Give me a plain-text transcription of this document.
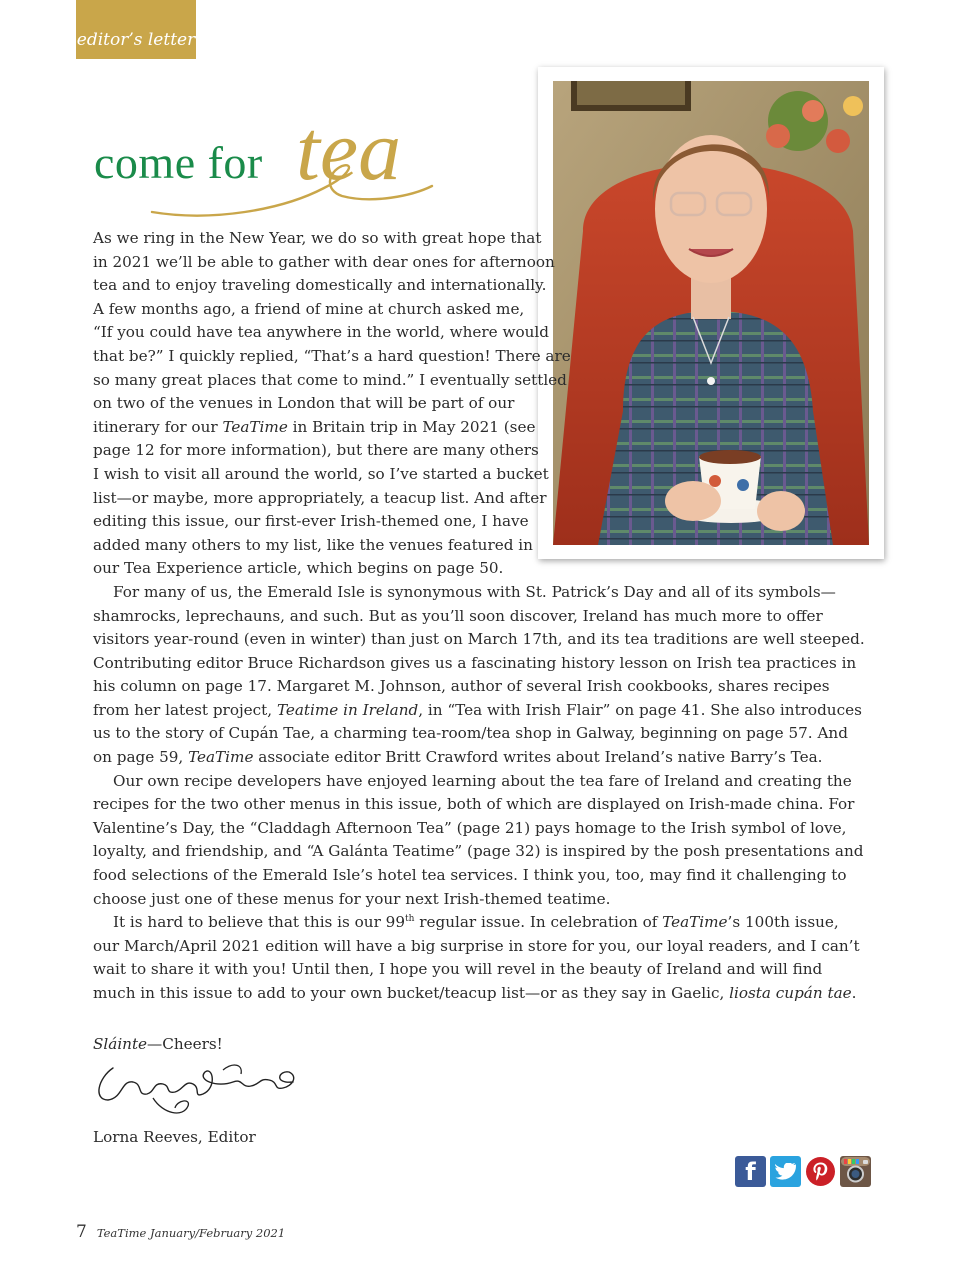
editor’s letter
come for tea

As we ring in the New Year, we do so with great hope that
in 2021 we’ll be able to gather with dear ones for afternoon
tea and to enjoy traveling domestically and internationally.
A few months ago, a friend of mine at church asked me,
“If you could have tea anywhere in the world, where would
that be?” I quickly replied, “That’s a hard question! There are
so many great places that come to mind.” I eventually settled
on two of the venues in London that will be part of our
itinerary for our TeaTime in Britain trip in May 2021 (see
page 12 for more information), but there are many others
I wish to visit all around the world, so I’ve started a bucket
list—or maybe, more appropriately, a teacup list. And after
editing this issue, our first-ever Irish-themed one, I have
added many others to my list, like the venues featured in
our Tea Experience article, which begins on page 50.

For many of us, the Emerald Isle is synonymous with St. Patrick’s Day and all of its symbols—shamrocks, leprechauns, and such. But as you’ll soon discover, Ireland has much more to offer visitors year-round (even in winter) than just on March 17th, and its tea traditions are well steeped. Contributing editor Bruce Richardson gives us a fascinating history lesson on Irish tea practices in his column on page 17. Margaret M. Johnson, author of several Irish cookbooks, shares recipes from her latest project, Teatime in Ireland, in “Tea with Irish Flair” on page 41. She also introduces us to the story of Cupán Tae, a charming tea-room/tea shop in Galway, beginning on page 57. And on page 59, TeaTime associate editor Britt Crawford writes about Ireland’s native Barry’s Tea.

Our own recipe developers have enjoyed learning about the tea fare of Ireland and creating the recipes for the two other menus in this issue, both of which are displayed on Irish-made china. For Valentine’s Day, the “Claddagh Afternoon Tea” (page 21) pays homage to the Irish symbol of love, loyalty, and friendship, and “A Galánta Teatime” (page 32) is inspired by the posh presentations and food selections of the Emerald Isle’s hotel tea services. I think you, too, may find it challenging to choose just one of these menus for your next Irish-themed teatime.

It is hard to believe that this is our 99th regular issue. In celebration of TeaTime’s 100th issue, our March/April 2021 edition will have a big surprise in store for you, our loyal readers, and I can’t wait to share it with you! Until then, I hope you will revel in the beauty of Ireland and will find much in this issue to add to your own bucket/teacup list—or as they say in Gaelic, liosta cupán tae.

Sláinte—Cheers!
Lorna Reeves, Editor
f
7 TeaTime January/February 2021
